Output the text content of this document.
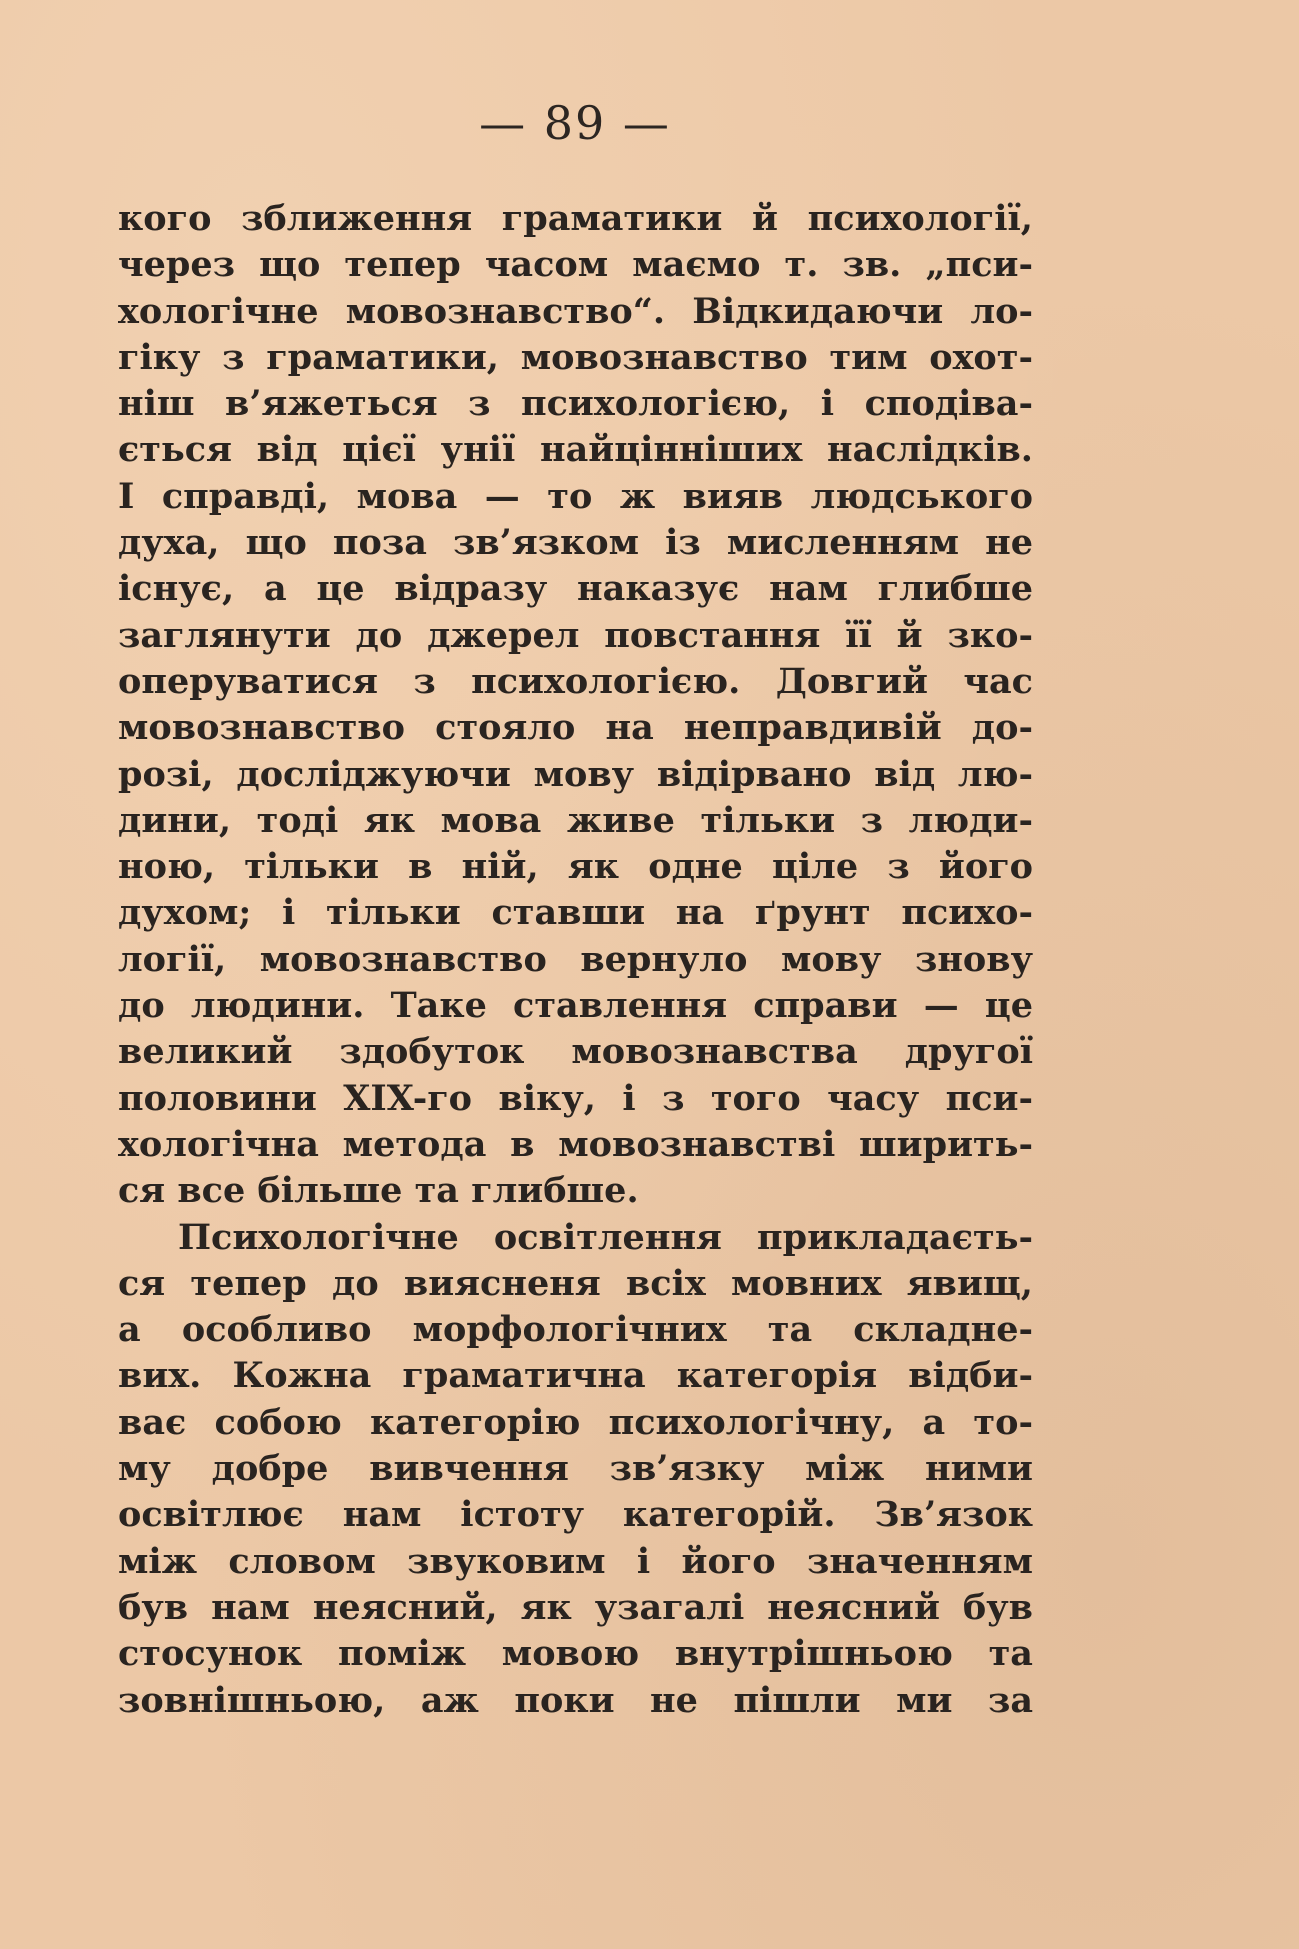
— 89 —
кого зближення граматики й психології,
через що тепер часом маємо т. зв. „пси-
хологічне мовознавство“. Відкидаючи ло-
гіку з граматики, мовознавство тим охот-
ніш в’яжеться з психологією, і сподіва-
ється від цієї унії найцінніших наслідків.
І справді, мова — то ж вияв людського
духа, що поза зв’язком із мисленням не
існує, а це відразу наказує нам глибше
заглянути до джерел повстання її й зко-
оперуватися з психологією. Довгий час
мовознавство стояло на неправдивій до-
розі, досліджуючи мову відірвано від лю-
дини, тоді як мова живе тільки з люди-
ною, тільки в ній, як одне ціле з його
духом; і тільки ставши на ґрунт психо-
логії, мовознавство вернуло мову знову
до людини. Таке ставлення справи — це
великий здобуток мовознавства другої
половини XIX-го віку, і з того часу пси-
хологічна метода в мовознавстві ширить-
ся все більше та глибше.
Психологічне освітлення прикладаєть-
ся тепер до виясненя всіх мовних явищ,
а особливо морфологічних та складне-
вих. Кожна граматична категорія відби-
ває собою категорію психологічну, а то-
му добре вивчення зв’язку між ними
освітлює нам істоту категорій. Зв’язок
між словом звуковим і його значенням
був нам неясний, як узагалі неясний був
стосунок поміж мовою внутрішньою та
зовнішньою, аж поки не пішли ми за
